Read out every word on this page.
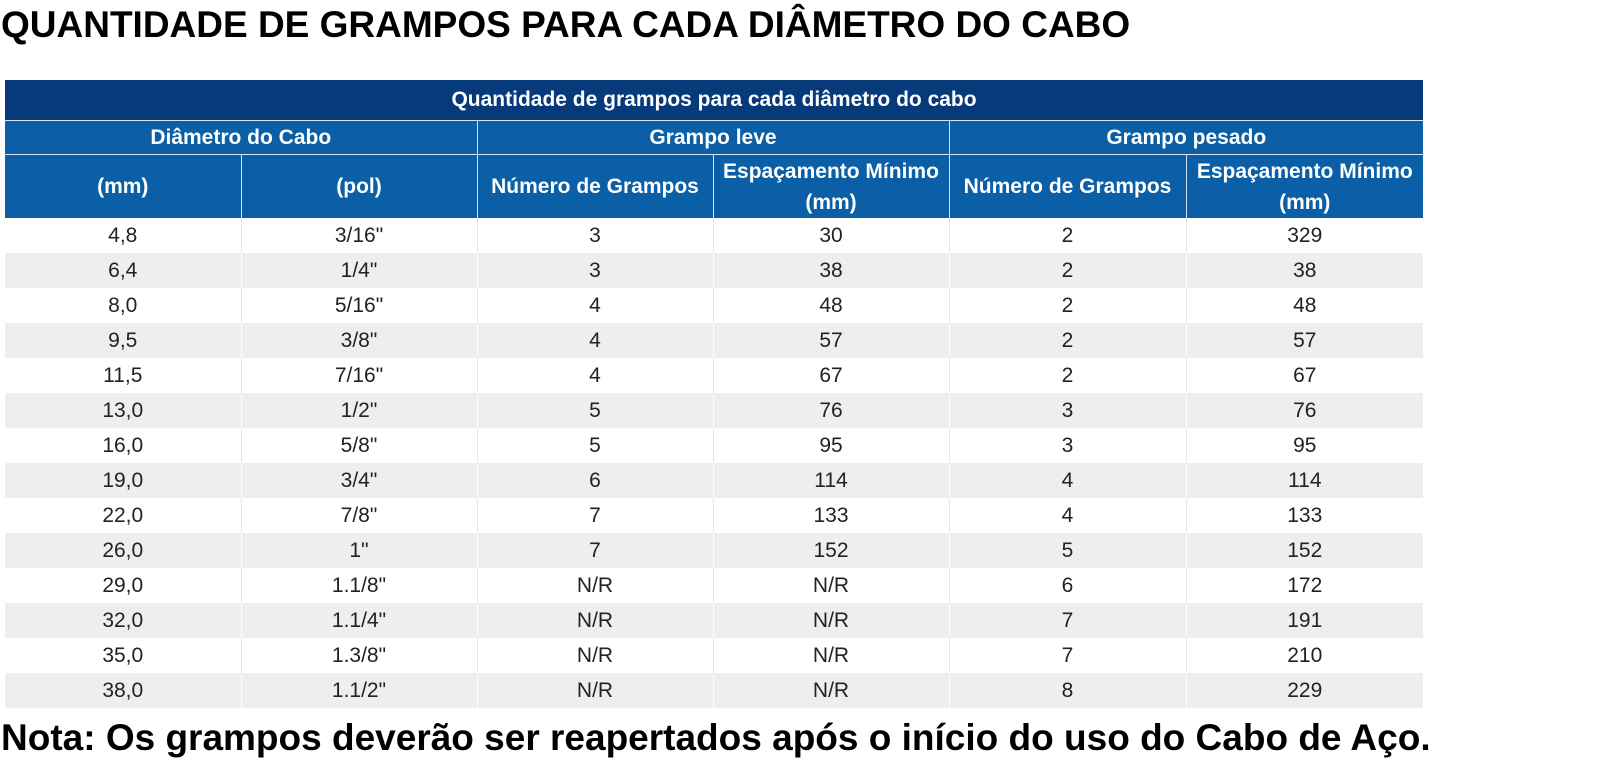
QUANTIDADE DE GRAMPOS PARA CADA DIÂMETRO DO CABO
Quantidade de grampos para cada diâmetro do cabo					
Diâmetro do Cabo		Grampo leve		Grampo pesado	
(mm)	(pol)	Número de Grampos	Espaçamento Mínimo (mm)	Número de Grampos	Espaçamento Mínimo (mm)
4,8	3/16"	3	30	2	329
6,4	1/4"	3	38	2	38
8,0	5/16"	4	48	2	48
9,5	3/8"	4	57	2	57
11,5	7/16"	4	67	2	67
13,0	1/2"	5	76	3	76
16,0	5/8"	5	95	3	95
19,0	3/4"	6	114	4	114
22,0	7/8"	7	133	4	133
26,0	1"	7	152	5	152
29,0	1.1/8"	N/R	N/R	6	172
32,0	1.1/4"	N/R	N/R	7	191
35,0	1.3/8"	N/R	N/R	7	210
38,0	1.1/2"	N/R	N/R	8	229

Nota: Os grampos deverão ser reapertados após o início do uso do Cabo de Aço.
